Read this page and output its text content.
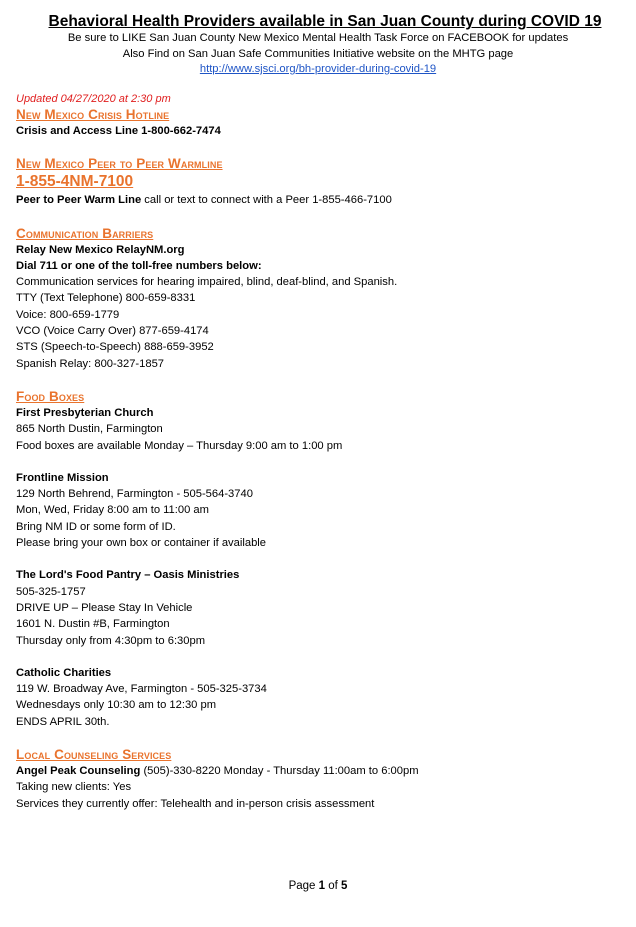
Behavioral Health Providers available in San Juan County during COVID 19
Be sure to LIKE San Juan County New Mexico Mental Health Task Force on FACEBOOK for updates
Also Find on San Juan Safe Communities Initiative website on the MHTG page
http://www.sjsci.org/bh-provider-during-covid-19
Updated 04/27/2020 at 2:30 pm
New Mexico Crisis Hotline
Crisis and Access Line 1-800-662-7474
New Mexico Peer to Peer Warmline
1-855-4NM-7100
Peer to Peer Warm Line call or text to connect with a Peer 1-855-466-7100
Communication Barriers
Relay New Mexico RelayNM.org
Dial 711 or one of the toll-free numbers below:
Communication services for hearing impaired, blind, deaf-blind, and Spanish.
TTY (Text Telephone) 800-659-8331
Voice: 800-659-1779
VCO (Voice Carry Over) 877-659-4174
STS (Speech-to-Speech) 888-659-3952
Spanish Relay: 800-327-1857
Food Boxes
First Presbyterian Church
865 North Dustin, Farmington
Food boxes are available Monday – Thursday 9:00 am to 1:00 pm
Frontline Mission
129 North Behrend, Farmington - 505-564-3740
Mon, Wed, Friday 8:00 am to 11:00 am
Bring NM ID or some form of ID.
Please bring your own box or container if available
The Lord's Food Pantry – Oasis Ministries
505-325-1757
DRIVE UP – Please Stay In Vehicle
1601 N. Dustin #B, Farmington
Thursday only from 4:30pm to 6:30pm
Catholic Charities
119 W. Broadway Ave, Farmington - 505-325-3734
Wednesdays only 10:30 am to 12:30 pm
ENDS APRIL 30th.
Local Counseling Services
Angel Peak Counseling (505)-330-8220 Monday - Thursday 11:00am to 6:00pm
Taking new clients: Yes
Services they currently offer: Telehealth and in-person crisis assessment
Page 1 of 5
